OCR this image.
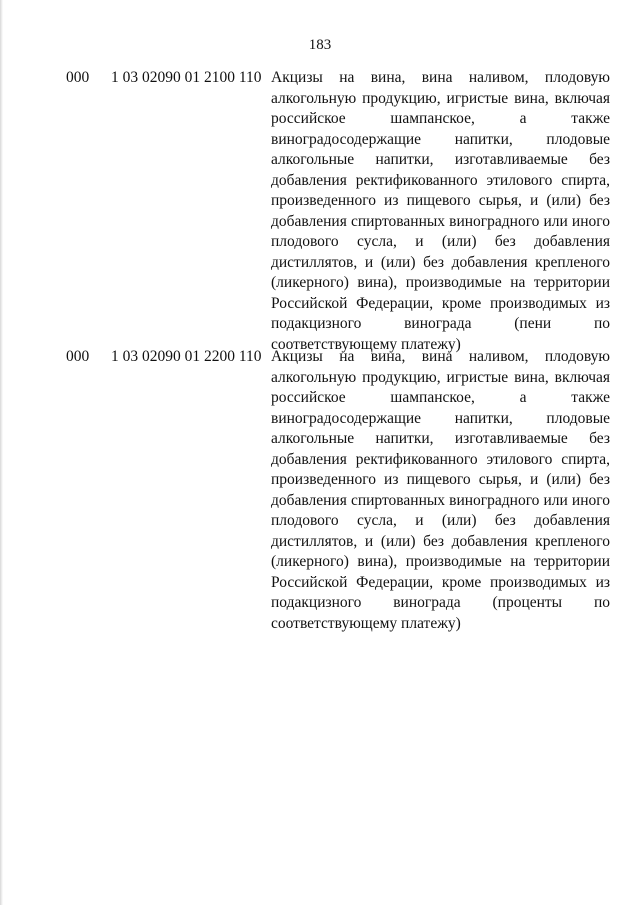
183
000 1 03 02090 01 2100 110 Акцизы на вина, вина наливом, плодовую алкогольную продукцию, игристые вина, включая российское шампанское, а также виноградосодержащие напитки, плодовые алкогольные напитки, изготавливаемые без добавления ректификованного этилового спирта, произведенного из пищевого сырья, и (или) без добавления спиртованных виноградного или иного плодового сусла, и (или) без добавления дистиллятов, и (или) без добавления крепленого (ликерного) вина), производимые на территории Российской Федерации, кроме производимых из подакцизного винограда (пени по соответствующему платежу)
000 1 03 02090 01 2200 110 Акцизы на вина, вина наливом, плодовую алкогольную продукцию, игристые вина, включая российское шампанское, а также виноградосодержащие напитки, плодовые алкогольные напитки, изготавливаемые без добавления ректификованного этилового спирта, произведенного из пищевого сырья, и (или) без добавления спиртованных виноградного или иного плодового сусла, и (или) без добавления дистиллятов, и (или) без добавления крепленого (ликерного) вина), производимые на территории Российской Федерации, кроме производимых из подакцизного винограда (проценты по соответствующему платежу)
